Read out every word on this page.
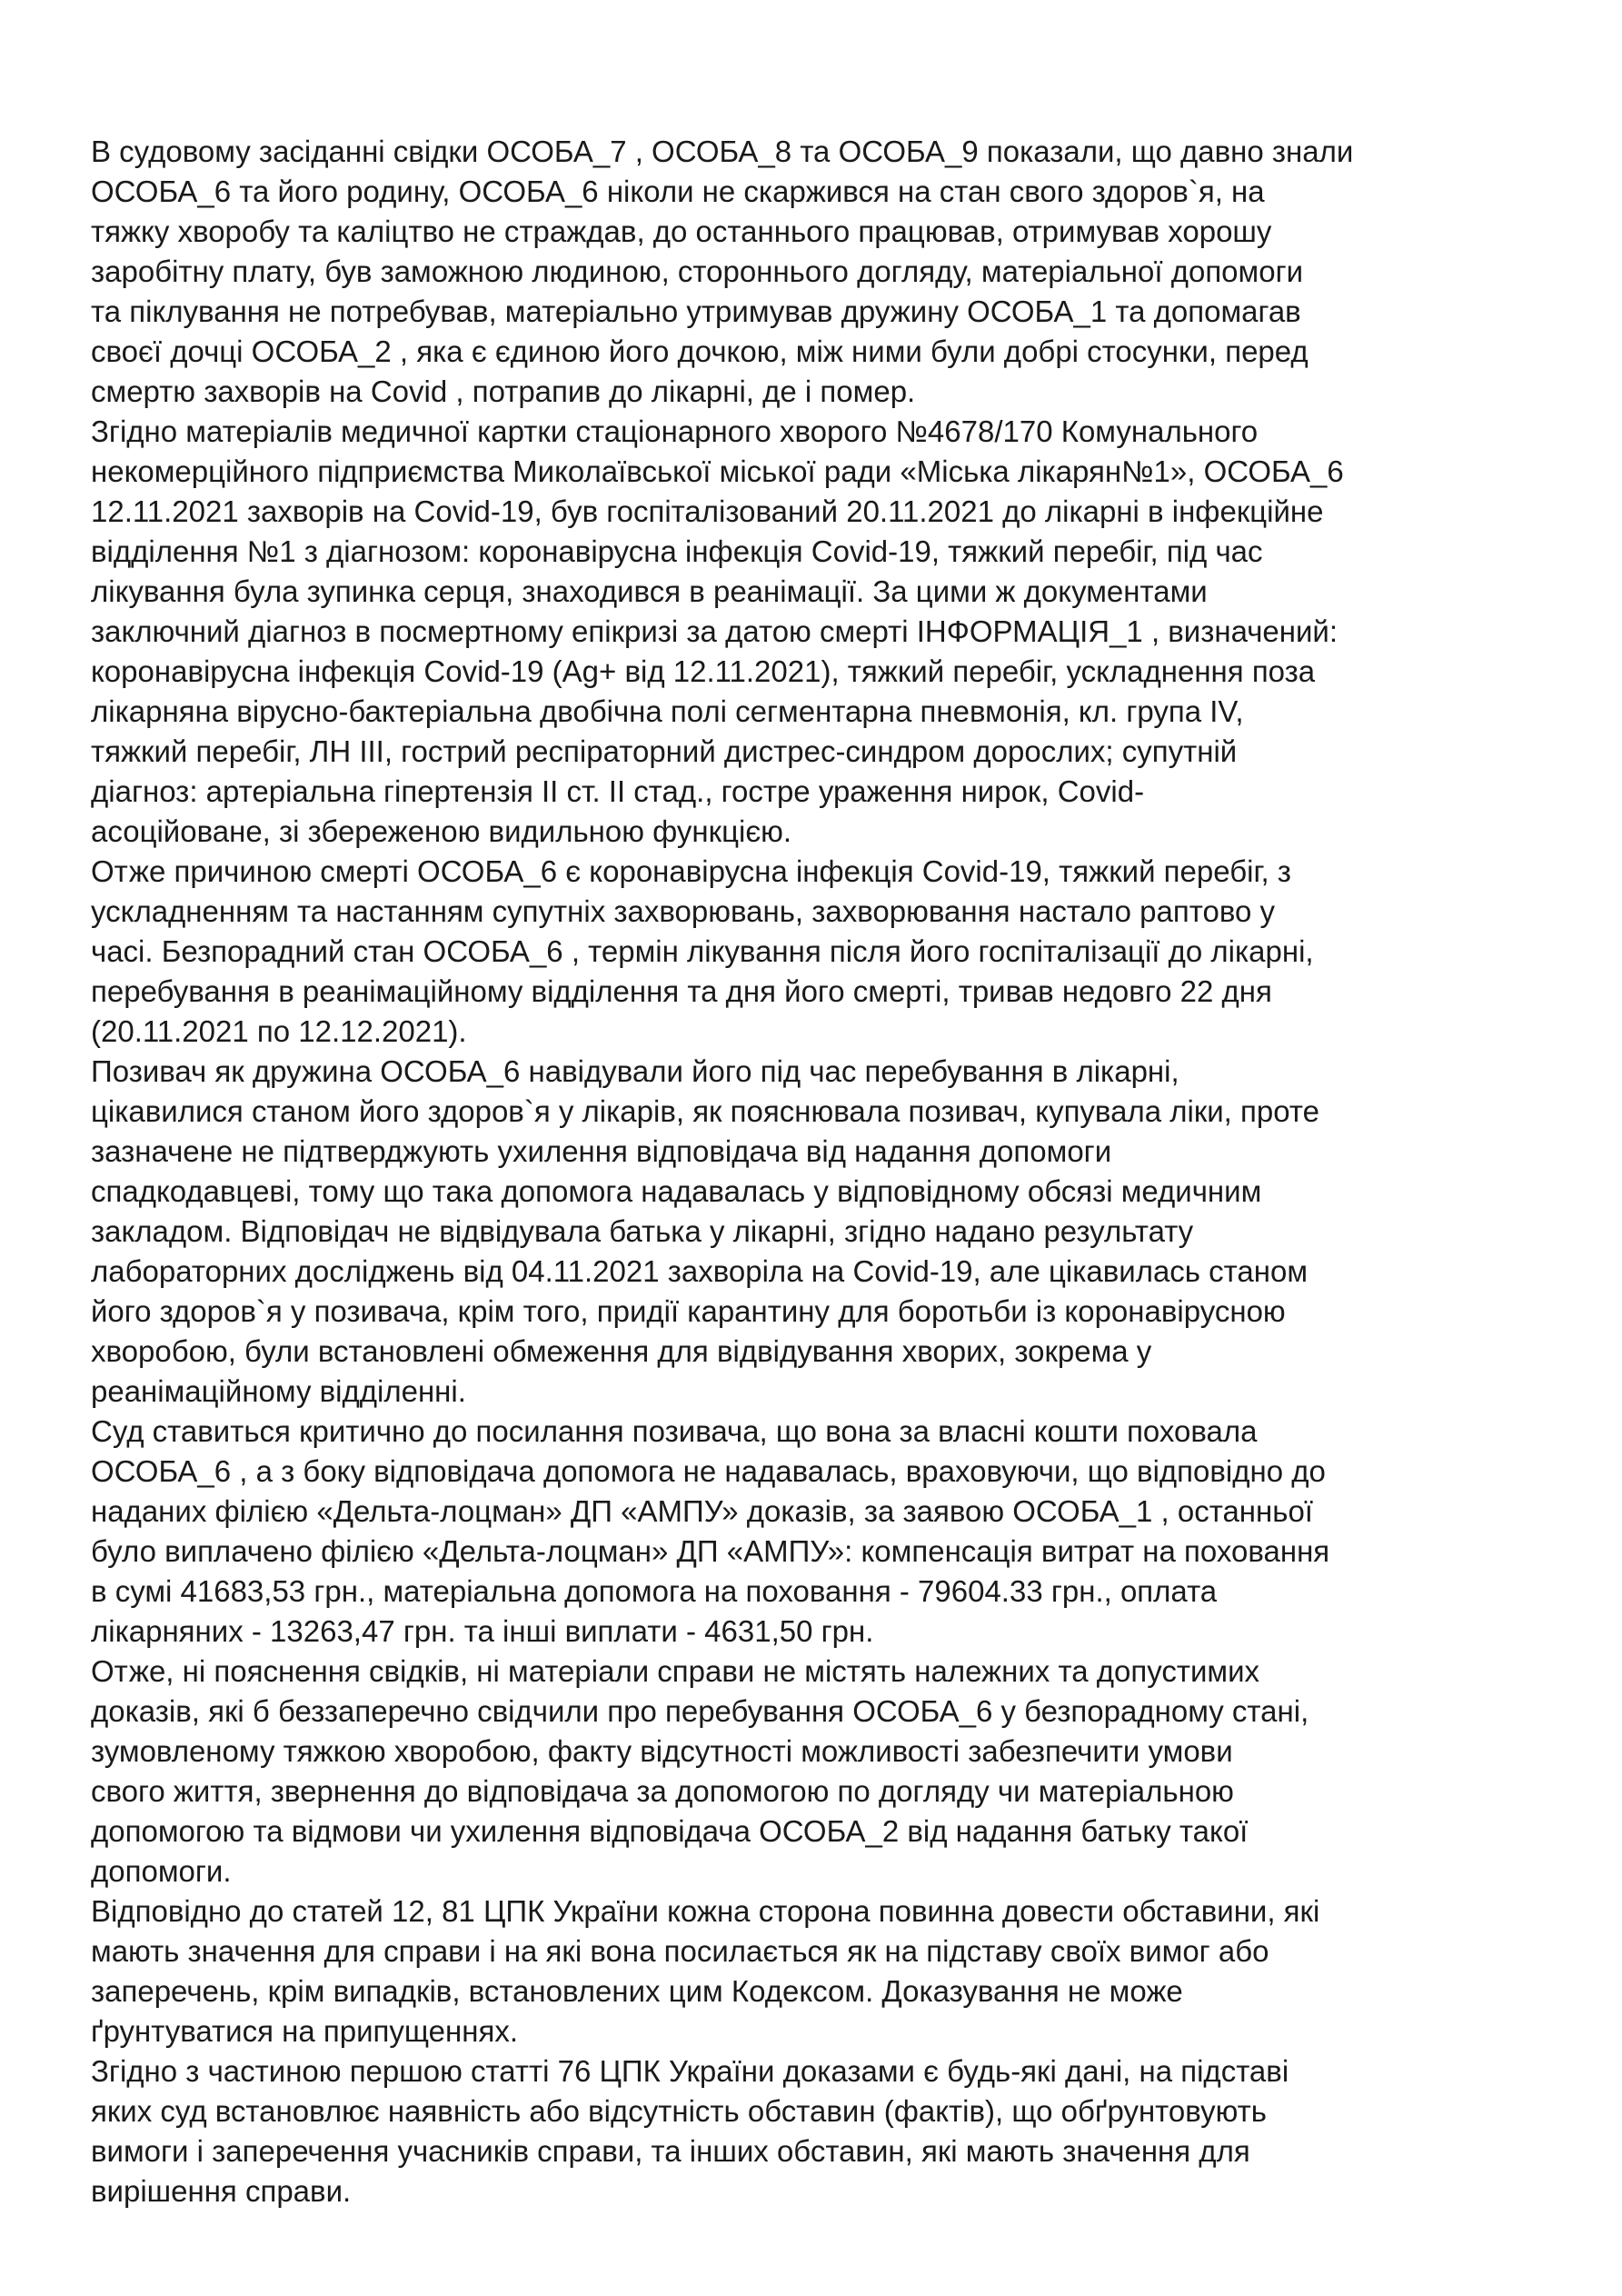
В судовому засіданні свідки ОСОБА_7 , ОСОБА_8 та ОСОБА_9 показали, що давно знали
ОСОБА_6 та його родину, ОСОБА_6 ніколи не скаржився на стан свого здоров`я, на
тяжку хворобу та каліцтво не страждав, до останнього працював, отримував хорошу
заробітну плату, був заможною людиною, стороннього догляду, матеріальної допомоги
та піклування не потребував, матеріально утримував дружину ОСОБА_1 та допомагав
своєї дочці ОСОБА_2 , яка є єдиною його дочкою, між ними були добрі стосунки, перед
смертю захворів на Covid , потрапив до лікарні, де і помер.

Згідно матеріалів медичної картки стаціонарного хворого №4678/170 Комунального
некомерційного підприємства Миколаївської міської ради «Міська лікарян№1», ОСОБА_6
12.11.2021 захворів на Covid-19, був госпіталізований 20.11.2021 до лікарні в інфекційне
відділення №1 з діагнозом: коронавірусна інфекція Covid-19, тяжкий перебіг, під час
лікування була зупинка серця, знаходився в реанімації. За цими ж документами
заключний діагноз в посмертному епікризі за датою смерті ІНФОРМАЦІЯ_1 , визначений:
коронавірусна інфекція Covid-19 (Ag+ від 12.11.2021), тяжкий перебіг, ускладнення поза
лікарняна вірусно-бактеріальна двобічна полі сегментарна пневмонія, кл. група IV,
тяжкий перебіг, ЛН III, гострий респіраторний дистрес-синдром дорослих; супутній
діагноз: артеріальна гіпертензія II ст. II стад., гостре ураження нирок, Covid-
асоційоване, зі збереженою видильною функцією.

Отже причиною смерті ОСОБА_6 є коронавірусна інфекція Covid-19, тяжкий перебіг, з
ускладненням та настанням супутніх захворювань, захворювання настало раптово у
часі. Безпорадний стан ОСОБА_6 , термін лікування після його госпіталізації до лікарні,
перебування в реанімаційному відділення та дня його смерті, тривав недовго 22 дня
(20.11.2021 по 12.12.2021).

Позивач як дружина ОСОБА_6 навідували його під час перебування в лікарні,
цікавилися станом його здоров`я у лікарів, як пояснювала позивач, купувала ліки, проте
зазначене не підтверджують ухилення відповідача від надання допомоги
спадкодавцеві, тому що така допомога надавалась у відповідному обсязі медичним
закладом. Відповідач не відвідувала батька у лікарні, згідно надано результату
лабораторних досліджень від 04.11.2021 захворіла на Covid-19, але цікавилась станом
його здоров`я у позивача, крім того, придії карантину для боротьби із коронавірусною
хворобою, були встановлені обмеження для відвідування хворих, зокрема у
реанімаційному відділенні.

Суд ставиться критично до посилання позивача, що вона за власні кошти поховала
ОСОБА_6 , а з боку відповідача допомога не надавалась, враховуючи, що відповідно до
наданих філією «Дельта-лоцман» ДП «АМПУ» доказів, за заявою ОСОБА_1 , останньої
було виплачено філією «Дельта-лоцман» ДП «АМПУ»: компенсація витрат на поховання
в сумі 41683,53 грн., матеріальна допомога на поховання - 79604.33 грн., оплата
лікарняних - 13263,47 грн. та інші виплати - 4631,50 грн.

Отже, ні пояснення свідків, ні матеріали справи не містять належних та допустимих
доказів, які б беззаперечно свідчили про перебування ОСОБА_6 у безпорадному стані,
зумовленому тяжкою хворобою, факту відсутності можливості забезпечити умови
свого життя, звернення до відповідача за допомогою по догляду чи матеріальною
допомогою та відмови чи ухилення відповідача ОСОБА_2 від надання батьку такої
допомоги.

Відповідно до статей 12, 81 ЦПК України кожна сторона повинна довести обставини, які
мають значення для справи і на які вона посилається як на підставу своїх вимог або
заперечень, крім випадків, встановлених цим Кодексом. Доказування не може
ґрунтуватися на припущеннях.

Згідно з частиною першою статті 76 ЦПК України доказами є будь-які дані, на підставі
яких суд встановлює наявність або відсутність обставин (фактів), що обґрунтовують
вимоги і заперечення учасників справи, та інших обставин, які мають значення для
вирішення справи.
